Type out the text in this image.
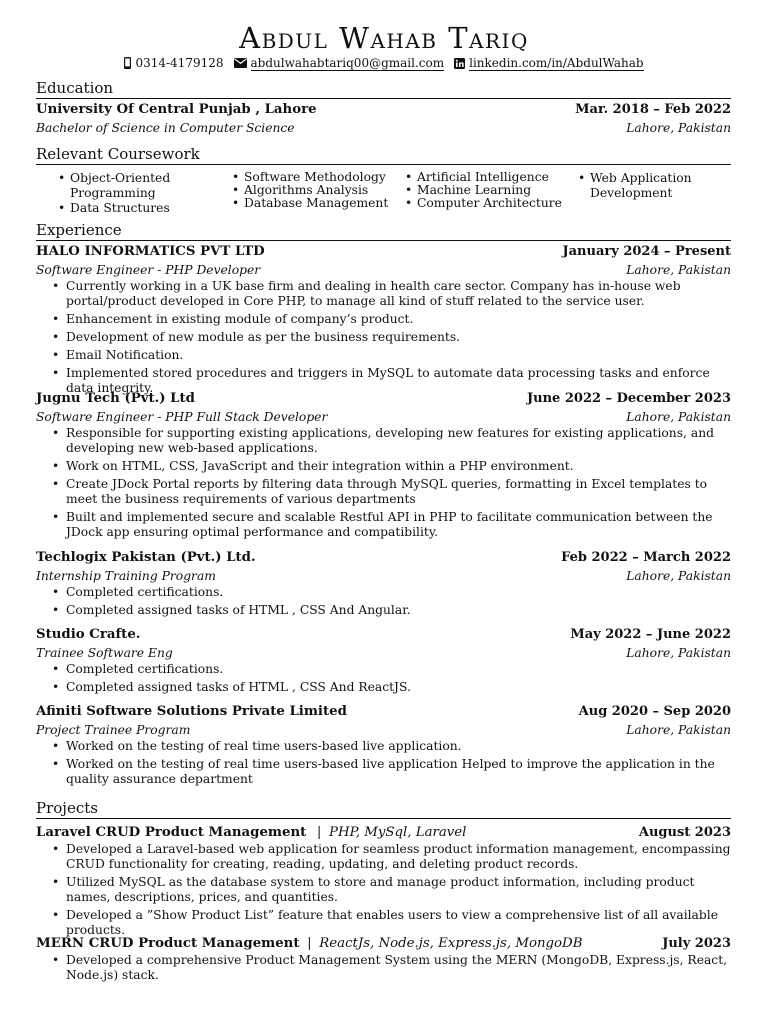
Abdul Wahab Tariq
0314-4179128 abdulwahabtariq00@gmail.com linkedin.com/in/AbdulWahab
Education
University Of Central Punjab , Lahore	Mar. 2018 – Feb 2022
Bachelor of Science in Computer Science	Lahore, Pakistan
Relevant Coursework
• Object-Oriented Programming
• Data Structures
• Software Methodology
• Algorithms Analysis
• Database Management
• Artificial Intelligence
• Machine Learning
• Computer Architecture
• Web Application Development
Experience
HALO INFORMATICS PVT LTD	January 2024 – Present
Software Engineer - PHP Developer	Lahore, Pakistan
• Currently working in a UK base firm and dealing in health care sector. Company has in-house web portal/product developed in Core PHP, to manage all kind of stuff related to the service user.
• Enhancement in existing module of company’s product.
• Development of new module as per the business requirements.
• Email Notification.
• Implemented stored procedures and triggers in MySQL to automate data processing tasks and enforce data integrity.
Jugnu Tech (Pvt.) Ltd	June 2022 – December 2023
Software Engineer - PHP Full Stack Developer	Lahore, Pakistan
• Responsible for supporting existing applications, developing new features for existing applications, and developing new web-based applications.
• Work on HTML, CSS, JavaScript and their integration within a PHP environment.
• Create JDock Portal reports by filtering data through MySQL queries, formatting in Excel templates to meet the business requirements of various departments
• Built and implemented secure and scalable Restful API in PHP to facilitate communication between the JDock app ensuring optimal performance and compatibility.
Techlogix Pakistan (Pvt.) Ltd.	Feb 2022 – March 2022
Internship Training Program	Lahore, Pakistan
• Completed certifications.
• Completed assigned tasks of HTML , CSS And Angular.
Studio Crafte.	May 2022 – June 2022
Trainee Software Eng	Lahore, Pakistan
• Completed certifications.
• Completed assigned tasks of HTML , CSS And ReactJS.
Afiniti Software Solutions Private Limited	Aug 2020 – Sep 2020
Project Trainee Program	Lahore, Pakistan
• Worked on the testing of real time users-based live application.
• Worked on the testing of real time users-based live application Helped to improve the application in the quality assurance department
Projects
Laravel CRUD Product Management | PHP, MySql, Laravel	August 2023
• Developed a Laravel-based web application for seamless product information management, encompassing CRUD functionality for creating, reading, updating, and deleting product records.
• Utilized MySQL as the database system to store and manage product information, including product names, descriptions, prices, and quantities.
• Developed a ”Show Product List” feature that enables users to view a comprehensive list of all available products.
MERN CRUD Product Management | ReactJs, Node.js, Express.js, MongoDB	July 2023
• Developed a comprehensive Product Management System using the MERN (MongoDB, Express.js, React, Node.js) stack.
